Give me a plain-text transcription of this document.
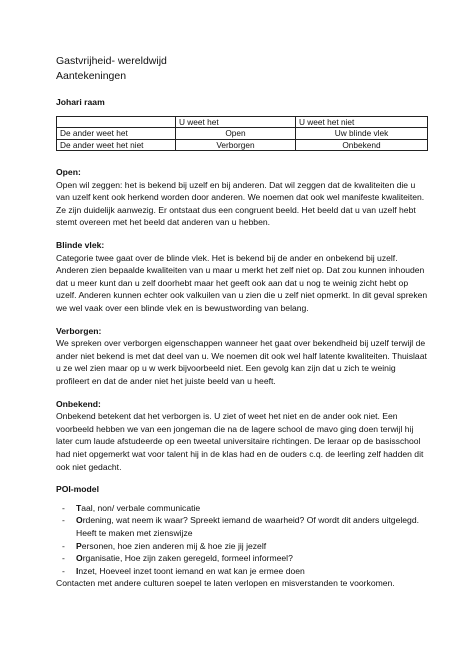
Gastvrijheid- wereldwijd

Aantekeningen

Johari raam

	U weet het	U weet het niet
De ander weet het	Open	Uw blinde vlek
De ander weet het niet	Verborgen	Onbekend

Open:

Open wil zeggen: het is bekend bij uzelf en bij anderen. Dat wil zeggen dat de kwaliteiten die u van uzelf kent ook herkend worden door anderen. We noemen dat ook wel manifeste kwaliteiten. Ze zijn duidelijk aanwezig. Er ontstaat dus een congruent beeld. Het beeld dat u van uzelf hebt stemt overeen met het beeld dat anderen van u hebben.

Blinde vlek:

Categorie twee gaat over de blinde vlek. Het is bekend bij de ander en onbekend bij uzelf. Anderen zien bepaalde kwaliteiten van u maar u merkt het zelf niet op. Dat zou kunnen inhouden dat u meer kunt dan u zelf doorhebt maar het geeft ook aan dat u nog te weinig zicht hebt op uzelf. Anderen kunnen echter ook valkuilen van u zien die u zelf niet opmerkt. In dit geval spreken we wel vaak over een blinde vlek en is bewustwording van belang.

Verborgen:

We spreken over verborgen eigenschappen wanneer het gaat over bekendheid bij uzelf terwijl de ander niet bekend is met dat deel van u. We noemen dit ook wel half latente kwaliteiten. Thuislaat u ze wel zien maar op u w werk bijvoorbeeld niet. Een gevolg kan zijn dat u zich te weinig profileert en dat de ander niet het juiste beeld van u heeft.

Onbekend:

Onbekend betekent dat het verborgen is. U ziet of weet het niet en de ander ook niet. Een voorbeeld hebben we van een jongeman die na de lagere school de mavo ging doen terwijl hij later cum laude afstudeerde op een tweetal universitaire richtingen. De leraar op de basisschool had niet opgemerkt wat voor talent hij in de klas had en de ouders c.q. de leerling zelf hadden dit ook niet gedacht.

POI-model

- Taal, non/ verbale communicatie
- Ordening, wat neem ik waar? Spreekt iemand de waarheid? Of wordt dit anders uitgelegd. Heeft te maken met zienswijze
- Personen, hoe zien anderen mij & hoe zie jij jezelf
- Organisatie, Hoe zijn zaken geregeld, formeel informeel?
- Inzet, Hoeveel inzet toont iemand en wat kan je ermee doen

Contacten met andere culturen soepel te laten verlopen en misverstanden te voorkomen.
